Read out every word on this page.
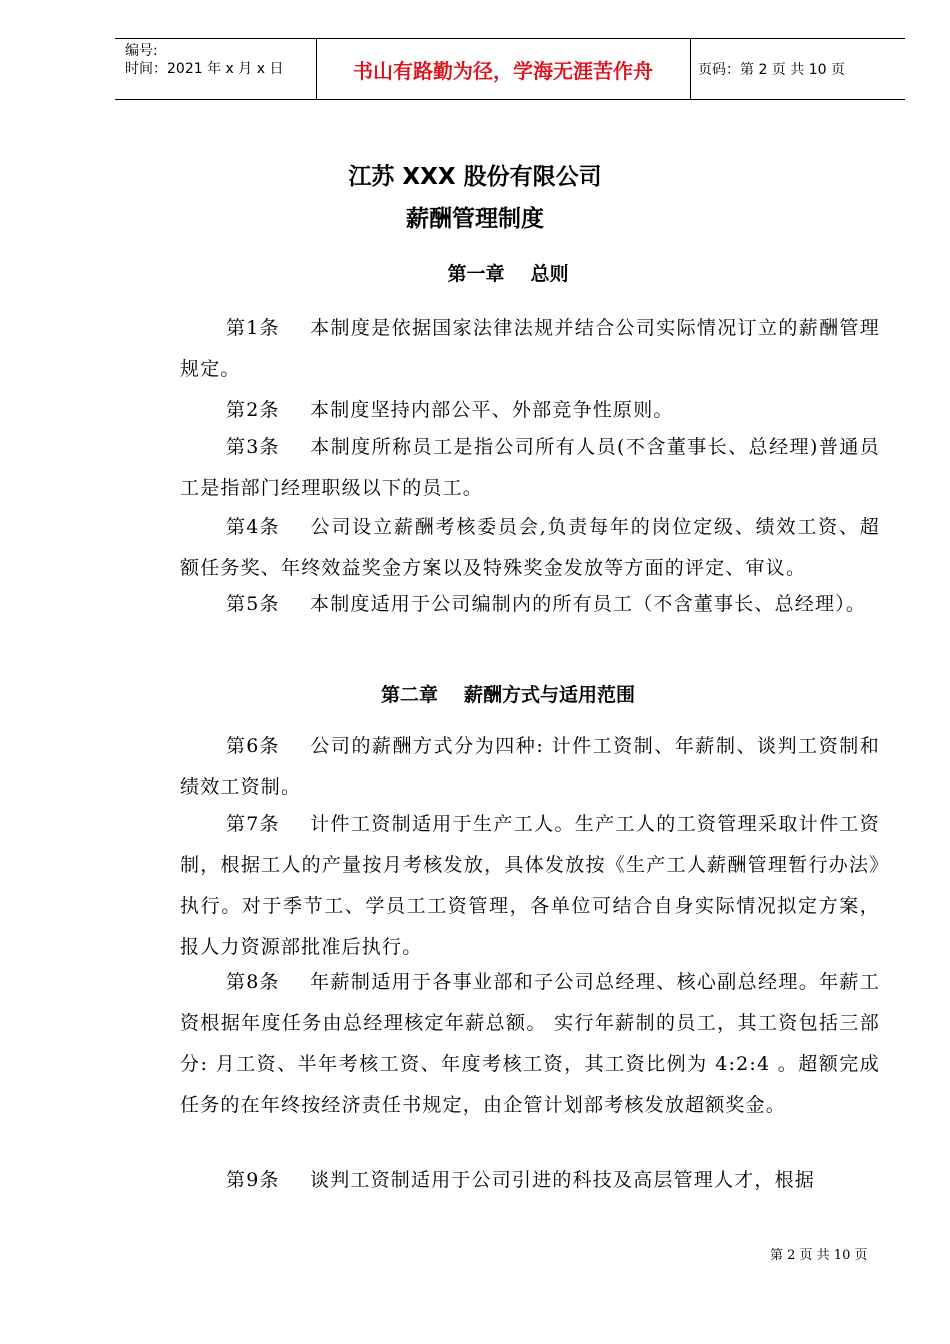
编号:
时间：2021 年 x 月 x 日	书山有路勤为径，学海无涯苦作舟	页码：第 2 页 共 10 页
江苏 XXX 股份有限公司
薪酬管理制度
第一章 总则
第1条 本制度是依据国家法律法规并结合公司实际情况订立的薪酬管理规定。
第2条 本制度坚持内部公平、外部竞争性原则。
第3条 本制度所称员工是指公司所有人员(不含董事长、总经理)普通员工是指部门经理职级以下的员工。
第4条 公司设立薪酬考核委员会,负责每年的岗位定级、绩效工资、超额任务奖、年终效益奖金方案以及特殊奖金发放等方面的评定、审议。
第5条 本制度适用于公司编制内的所有员工（不含董事长、总经理）。
第二章 薪酬方式与适用范围
第6条 公司的薪酬方式分为四种: 计件工资制、年薪制、谈判工资制和绩效工资制。
第7条 计件工资制适用于生产工人。生产工人的工资管理采取计件工资制，根据工人的产量按月考核发放，具体发放按《生产工人薪酬管理暂行办法》执行。对于季节工、学员工工资管理，各单位可结合自身实际情况拟定方案，报人力资源部批准后执行。
第8条 年薪制适用于各事业部和子公司总经理、核心副总经理。年薪工资根据年度任务由总经理核定年薪总额。 实行年薪制的员工，其工资包括三部分: 月工资、半年考核工资、年度考核工资，其工资比例为 4:2:4 。超额完成任务的在年终按经济责任书规定，由企管计划部考核发放超额奖金。
第9条 谈判工资制适用于公司引进的科技及高层管理人才，根据
第 2 页 共 10 页
